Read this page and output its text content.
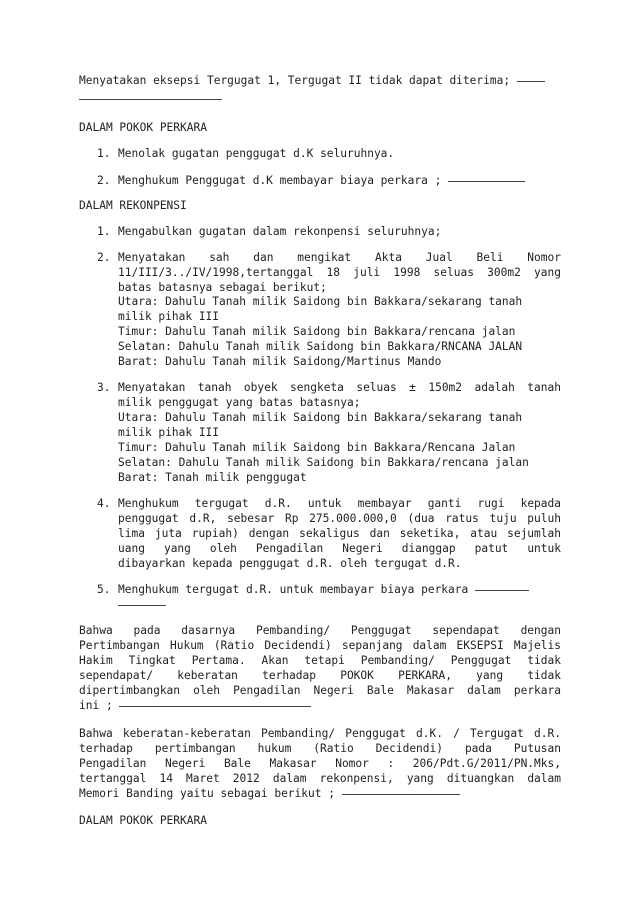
Menyatakan eksepsi Tergugat 1, Tergugat II tidak dapat diterima;
DALAM POKOK PERKARA
1. Menolak gugatan penggugat d.K seluruhnya.
2. Menghukum Penggugat d.K membayar biaya perkara ;
DALAM REKONPENSI
1. Mengabulkan gugatan dalam rekonpensi seluruhnya;
2. Menyatakan sah dan mengikat Akta Jual Beli Nomor
11/III/3../IV/1998,tertanggal 18 juli 1998 seluas 300m2 yang
batas batasnya sebagai berikut;
Utara: Dahulu Tanah milik Saidong bin Bakkara/sekarang tanah
milik pihak III
Timur: Dahulu Tanah milik Saidong bin Bakkara/rencana jalan
Selatan: Dahulu Tanah milik Saidong bin Bakkara/RNCANA JALAN
Barat: Dahulu Tanah milik Saidong/Martinus Mando
3. Menyatakan tanah obyek sengketa seluas ± 150m2 adalah tanah
milik penggugat yang batas batasnya;
Utara: Dahulu Tanah milik Saidong bin Bakkara/sekarang tanah
milik pihak III
Timur: Dahulu Tanah milik Saidong bin Bakkara/Rencana Jalan
Selatan: Dahulu Tanah milik Saidong bin Bakkara/rencana jalan
Barat: Tanah milik penggugat
4. Menghukum tergugat d.R. untuk membayar ganti rugi kepada
penggugat d.R, sebesar Rp 275.000.000,0 (dua ratus tuju puluh
lima juta rupiah) dengan sekaligus dan seketika, atau sejumlah
uang yang oleh Pengadilan Negeri dianggap patut untuk
dibayarkan kepada penggugat d.R. oleh tergugat d.R.
5. Menghukum tergugat d.R. untuk membayar biaya perkara
Bahwa pada dasarnya Pembanding/ Penggugat sependapat dengan
Pertimbangan Hukum (Ratio Decidendi) sepanjang dalam EKSEPSI Majelis
Hakim Tingkat Pertama. Akan tetapi Pembanding/ Penggugat tidak
sependapat/ keberatan terhadap POKOK PERKARA, yang tidak
dipertimbangkan oleh Pengadilan Negeri Bale Makasar dalam perkara
ini ;
Bahwa keberatan-keberatan Pembanding/ Penggugat d.K. / Tergugat d.R.
terhadap pertimbangan hukum (Ratio Decidendi) pada Putusan
Pengadilan Negeri Bale Makasar Nomor : 206/Pdt.G/2011/PN.Mks,
tertanggal 14 Maret 2012 dalam rekonpensi, yang dituangkan dalam
Memori Banding yaitu sebagai berikut ;
DALAM POKOK PERKARA
